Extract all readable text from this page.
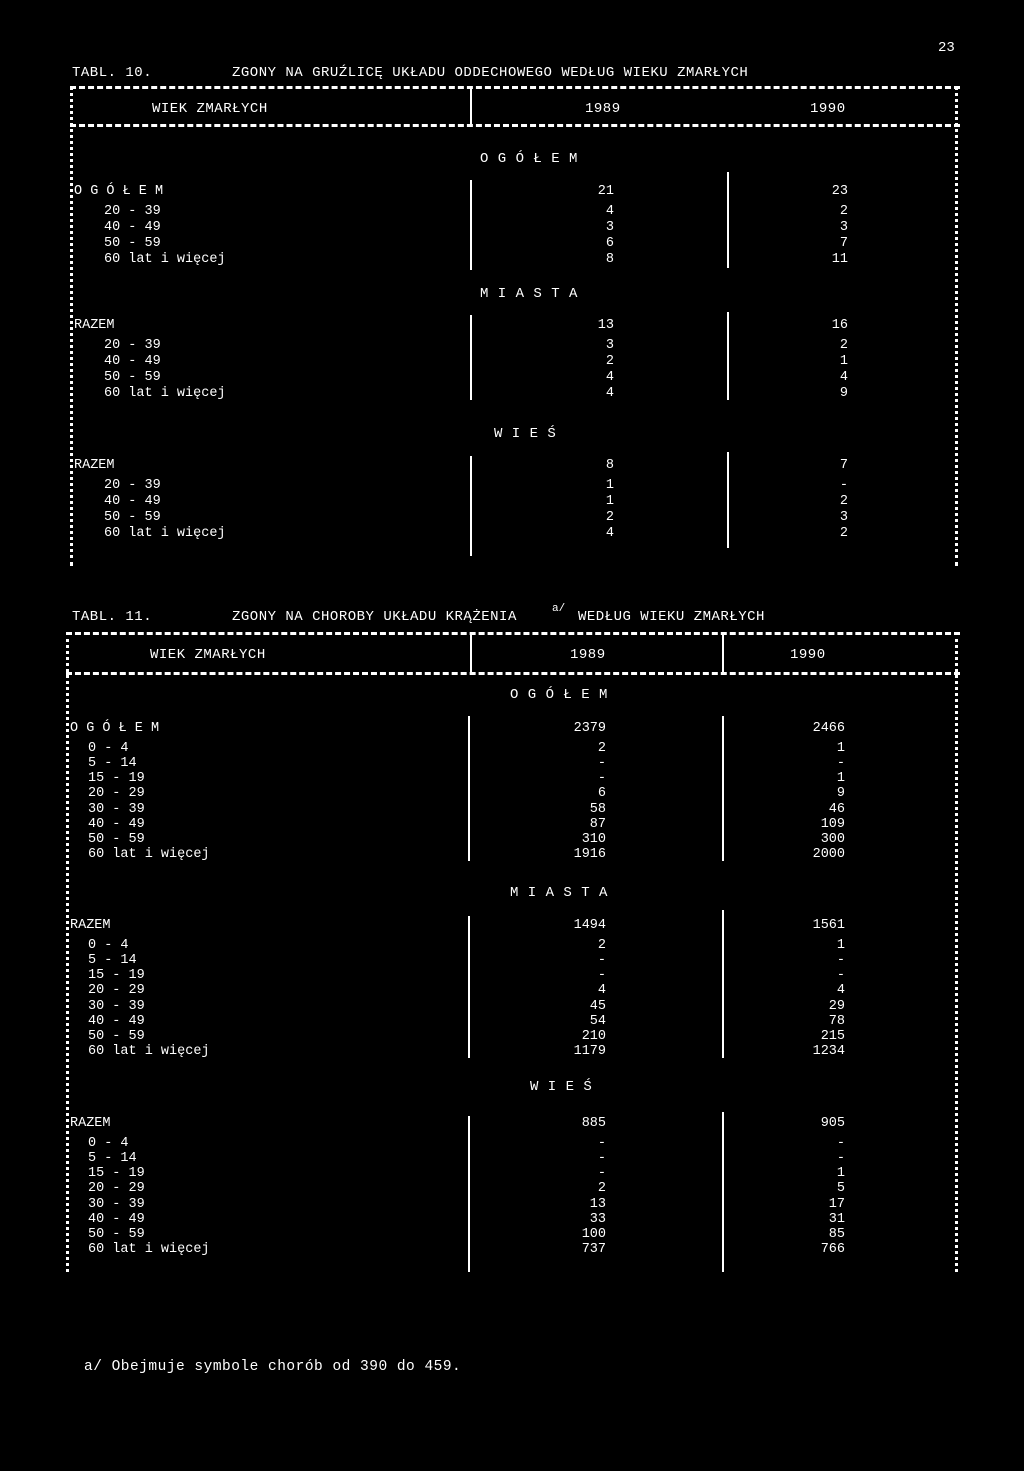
23
TABL. 10.	ZGONY NA GRUŹLICĘ UKŁADU ODDECHOWEGO WEDŁUG WIEKU ZMARŁYCH
WIEK ZMARŁYCH	1989	1990
O G Ó Ł E M
O G Ó Ł E M	21	23
20 - 39	4	2
40 - 49	3	3
50 - 59	6	7
60 lat i więcej	8	11
M I A S T A
RAZEM	13	16
20 - 39	3	2
40 - 49	2	1
50 - 59	4	4
60 lat i więcej	4	9
W I E Ś
RAZEM	8	7
20 - 39	1	-
40 - 49	1	2
50 - 59	2	3
60 lat i więcej	4	2
TABL. 11.	ZGONY NA CHOROBY UKŁADU KRĄŻENIA	a/ WEDŁUG WIEKU ZMARŁYCH
WIEK ZMARŁYCH	1989	1990
O G Ó Ł E M
O G Ó Ł E M	2379	2466
0 - 4	2	1
5 - 14	-	-
15 - 19	-	1
20 - 29	6	9
30 - 39	58	46
40 - 49	87	109
50 - 59	310	300
60 lat i więcej	1916	2000
M I A S T A
RAZEM	1494	1561
0 - 4	2	1
5 - 14	-	-
15 - 19	-	-
20 - 29	4	4
30 - 39	45	29
40 - 49	54	78
50 - 59	210	215
60 lat i więcej	1179	1234
W I E Ś
RAZEM	885	905
0 - 4	-	-
5 - 14	-	-
15 - 19	-	1
20 - 29	2	5
30 - 39	13	17
40 - 49	33	31
50 - 59	100	85
60 lat i więcej	737	766
a/ Obejmuje symbole chorób od 390 do 459.
